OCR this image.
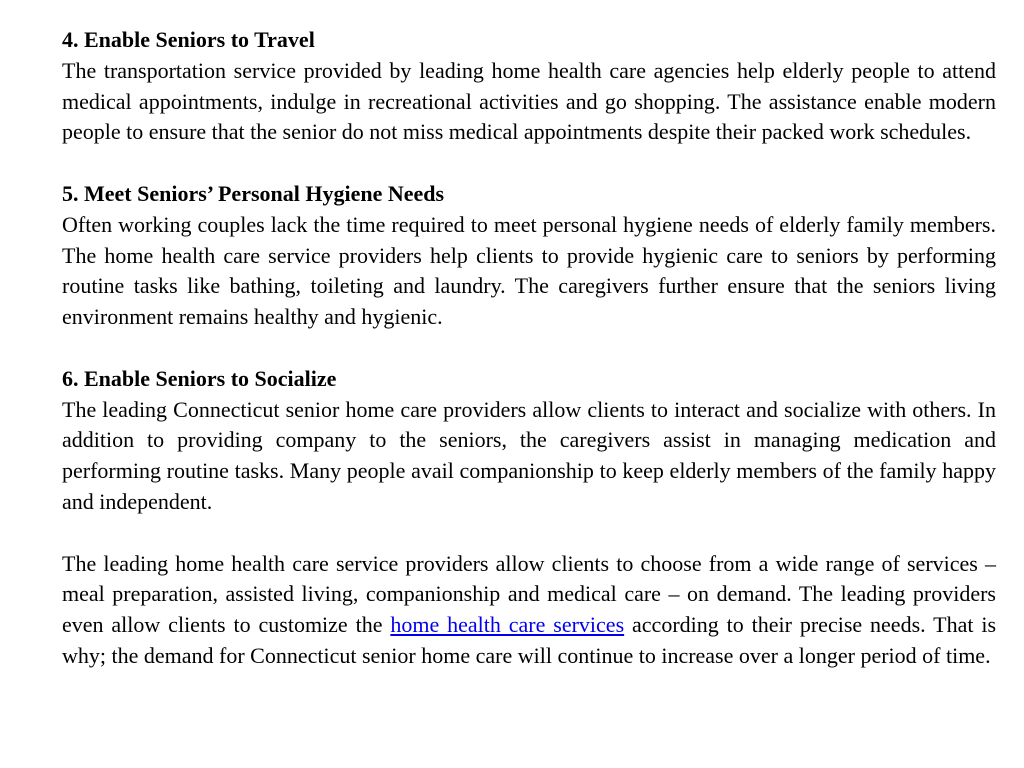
4. Enable Seniors to Travel

The transportation service provided by leading home health care agencies help elderly people to attend medical appointments, indulge in recreational activities and go shopping. The assistance enable modern people to ensure that the senior do not miss medical appointments despite their packed work schedules.

5. Meet Seniors’ Personal Hygiene Needs

Often working couples lack the time required to meet personal hygiene needs of elderly family members. The home health care service providers help clients to provide hygienic care to seniors by performing routine tasks like bathing, toileting and laundry. The caregivers further ensure that the seniors living environment remains healthy and hygienic.

6. Enable Seniors to Socialize

The leading Connecticut senior home care providers allow clients to interact and socialize with others. In addition to providing company to the seniors, the caregivers assist in managing medication and performing routine tasks. Many people avail companionship to keep elderly members of the family happy and independent.

The leading home health care service providers allow clients to choose from a wide range of services – meal preparation, assisted living, companionship and medical care – on demand. The leading providers even allow clients to customize the home health care services according to their precise needs. That is why; the demand for Connecticut senior home care will continue to increase over a longer period of time.
